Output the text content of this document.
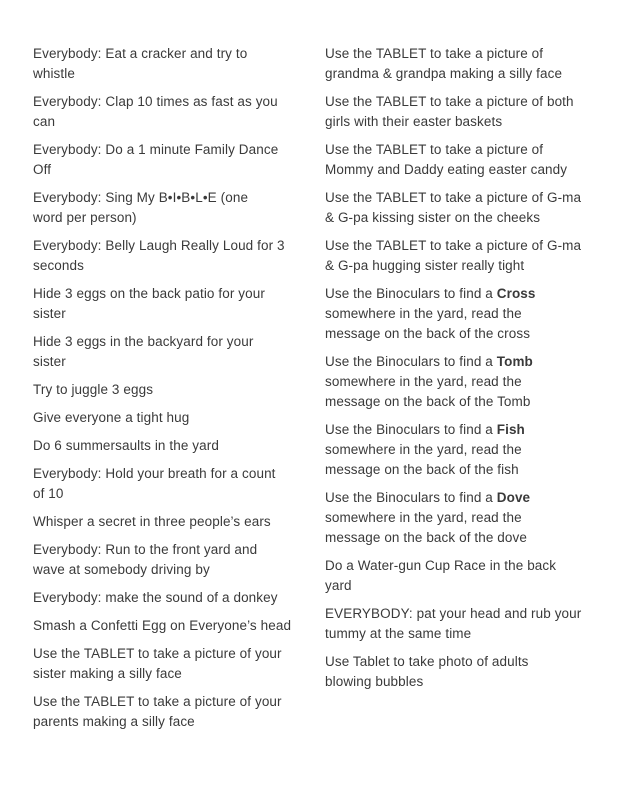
Everybody: Eat a cracker and try to
whistle

Everybody: Clap 10 times as fast as you
can

Everybody: Do a 1 minute Family Dance
Off

Everybody: Sing My B•I•B•L•E (one
word per person)

Everybody: Belly Laugh Really Loud for 3
seconds

Hide 3 eggs on the back patio for your
sister

Hide 3 eggs in the backyard for your
sister

Try to juggle 3 eggs

Give everyone a tight hug

Do 6 summersaults in the yard

Everybody: Hold your breath for a count
of 10

Whisper a secret in three people’s ears

Everybody: Run to the front yard and
wave at somebody driving by

Everybody: make the sound of a donkey

Smash a Confetti Egg on Everyone’s head

Use the TABLET to take a picture of your
sister making a silly face

Use the TABLET to take a picture of your
parents making a silly face

Use the TABLET to take a picture of
grandma & grandpa making a silly face

Use the TABLET to take a picture of both
girls with their easter baskets

Use the TABLET to take a picture of
Mommy and Daddy eating easter candy

Use the TABLET to take a picture of G-ma
& G-pa kissing sister on the cheeks

Use the TABLET to take a picture of G-ma
& G-pa hugging sister really tight

Use the Binoculars to find a Cross
somewhere in the yard, read the
message on the back of the cross

Use the Binoculars to find a Tomb
somewhere in the yard, read the
message on the back of the Tomb

Use the Binoculars to find a Fish
somewhere in the yard, read the
message on the back of the fish

Use the Binoculars to find a Dove
somewhere in the yard, read the
message on the back of the dove

Do a Water-gun Cup Race in the back
yard

EVERYBODY: pat your head and rub your
tummy at the same time

Use Tablet to take photo of adults
blowing bubbles
